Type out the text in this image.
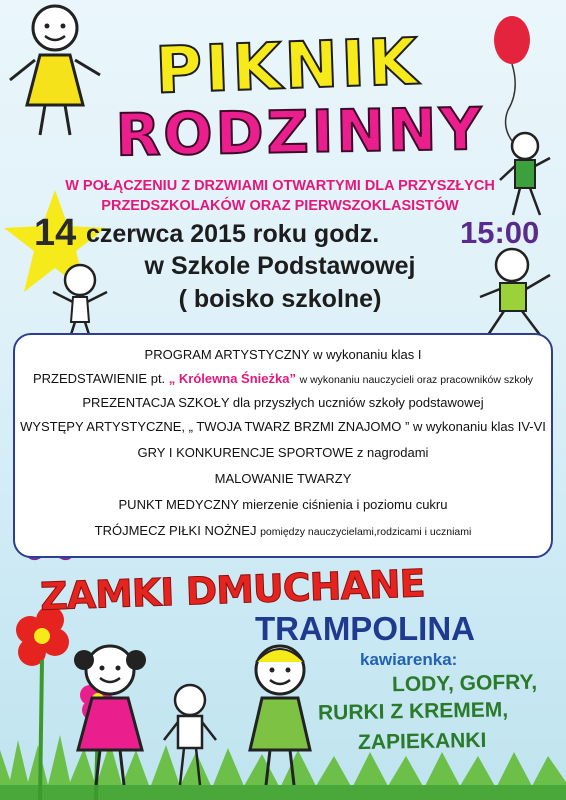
PIKNIK
RODZINNY
W POŁĄCZENIU Z DRZWIAMI OTWARTYMI DLA PRZYSZŁYCH
PRZEDSZKOLAKÓW ORAZ PIERWSZOKLASISTÓW
14 czerwca 2015 roku godz.	15:00
w Szkole Podstawowej
( boisko szkolne)
PROGRAM ARTYSTYCZNY w wykonaniu klas I
PRZEDSTAWIENIE pt. „ Królewna Śnieżka” w wykonaniu nauczycieli oraz pracowników szkoły
PREZENTACJA SZKOŁY dla przyszłych uczniów szkoły podstawowej
WYSTĘPY ARTYSTYCZNE, „ TWOJA TWARZ BRZMI ZNAJOMO ” w wykonaniu klas IV-VI
GRY I KONKURENCJE SPORTOWE z nagrodami
MALOWANIE TWARZY
PUNKT MEDYCZNY mierzenie ciśnienia i poziomu cukru
TRÓJMECZ PIŁKI NOŻNEJ pomiędzy nauczycielami,rodzicami i uczniami
ZAMKI DMUCHANE
TRAMPOLINA
kawiarenka:
LODY, GOFRY,
RURKI Z KREMEM,
ZAPIEKANKI
